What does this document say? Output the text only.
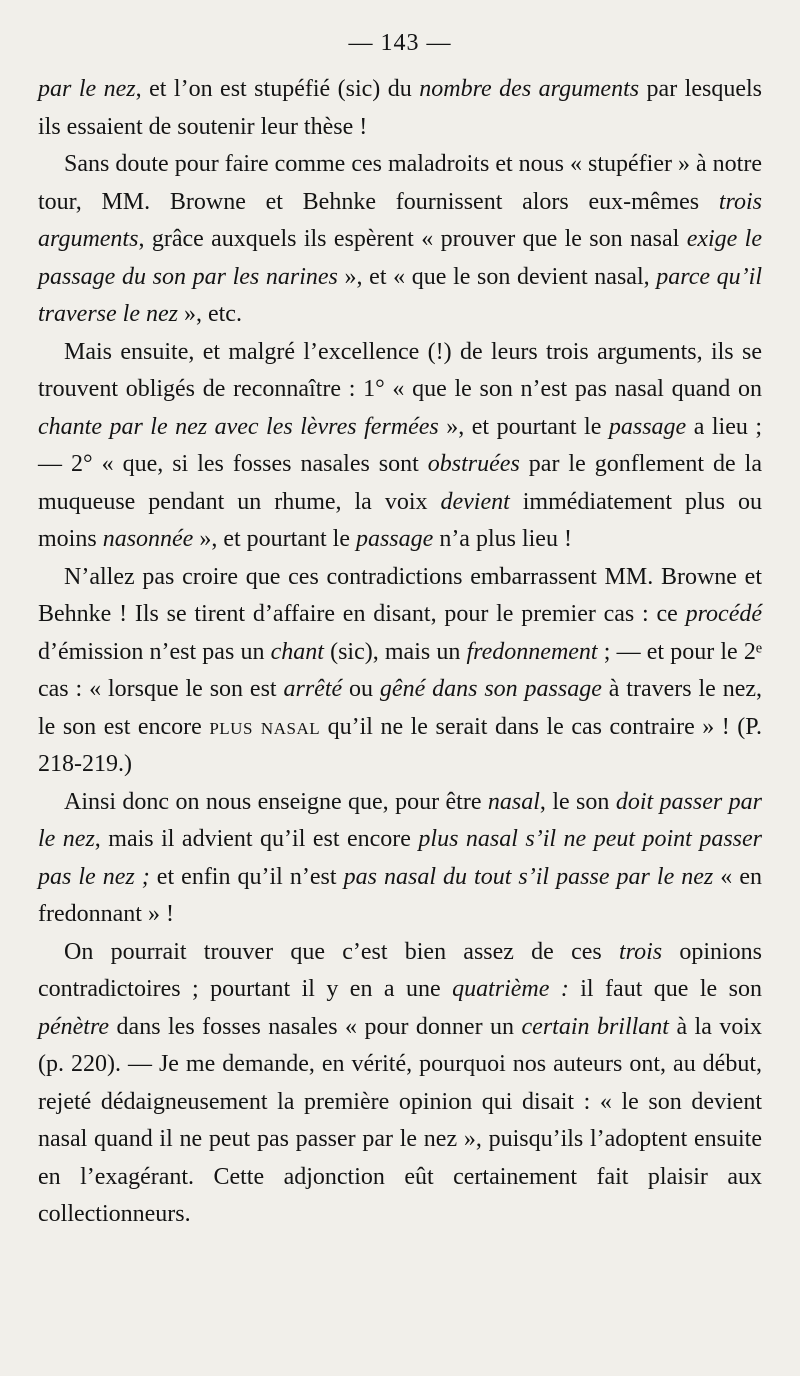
— 143 —

par le nez, et l’on est stupéfié (sic) du nombre des arguments par lesquels ils essaient de soutenir leur thèse !

Sans doute pour faire comme ces maladroits et nous « stupéfier » à notre tour, MM. Browne et Behnke fournissent alors eux-mêmes trois arguments, grâce auxquels ils espèrent « prouver que le son nasal exige le passage du son par les narines », et « que le son devient nasal, parce qu’il traverse le nez », etc.

Mais ensuite, et malgré l’excellence (!) de leurs trois arguments, ils se trouvent obligés de reconnaître : 1° « que le son n’est pas nasal quand on chante par le nez avec les lèvres fermées », et pourtant le passage a lieu ; — 2° « que, si les fosses nasales sont obstruées par le gonflement de la muqueuse pendant un rhume, la voix devient immédiatement plus ou moins nasonnée », et pourtant le passage n’a plus lieu !

N’allez pas croire que ces contradictions embarrassent MM. Browne et Behnke ! Ils se tirent d’affaire en disant, pour le premier cas : ce procédé d’émission n’est pas un chant (sic), mais un fredonnement ; — et pour le 2ᵉ cas : « lorsque le son est arrêté ou gêné dans son passage à travers le nez, le son est encore plus nasal qu’il ne le serait dans le cas contraire » ! (P. 218-219.)

Ainsi donc on nous enseigne que, pour être nasal, le son doit passer par le nez, mais il advient qu’il est encore plus nasal s’il ne peut point passer pas le nez ; et enfin qu’il n’est pas nasal du tout s’il passe par le nez « en fredonnant » !

On pourrait trouver que c’est bien assez de ces trois opinions contradictoires ; pourtant il y en a une quatrième : il faut que le son pénètre dans les fosses nasales « pour donner un certain brillant à la voix (p. 220). — Je me demande, en vérité, pourquoi nos auteurs ont, au début, rejeté dédaigneusement la première opinion qui disait : « le son devient nasal quand il ne peut pas passer par le nez », puisqu’ils l’adoptent ensuite en l’exagérant. Cette adjonction eût certainement fait plaisir aux collectionneurs.
